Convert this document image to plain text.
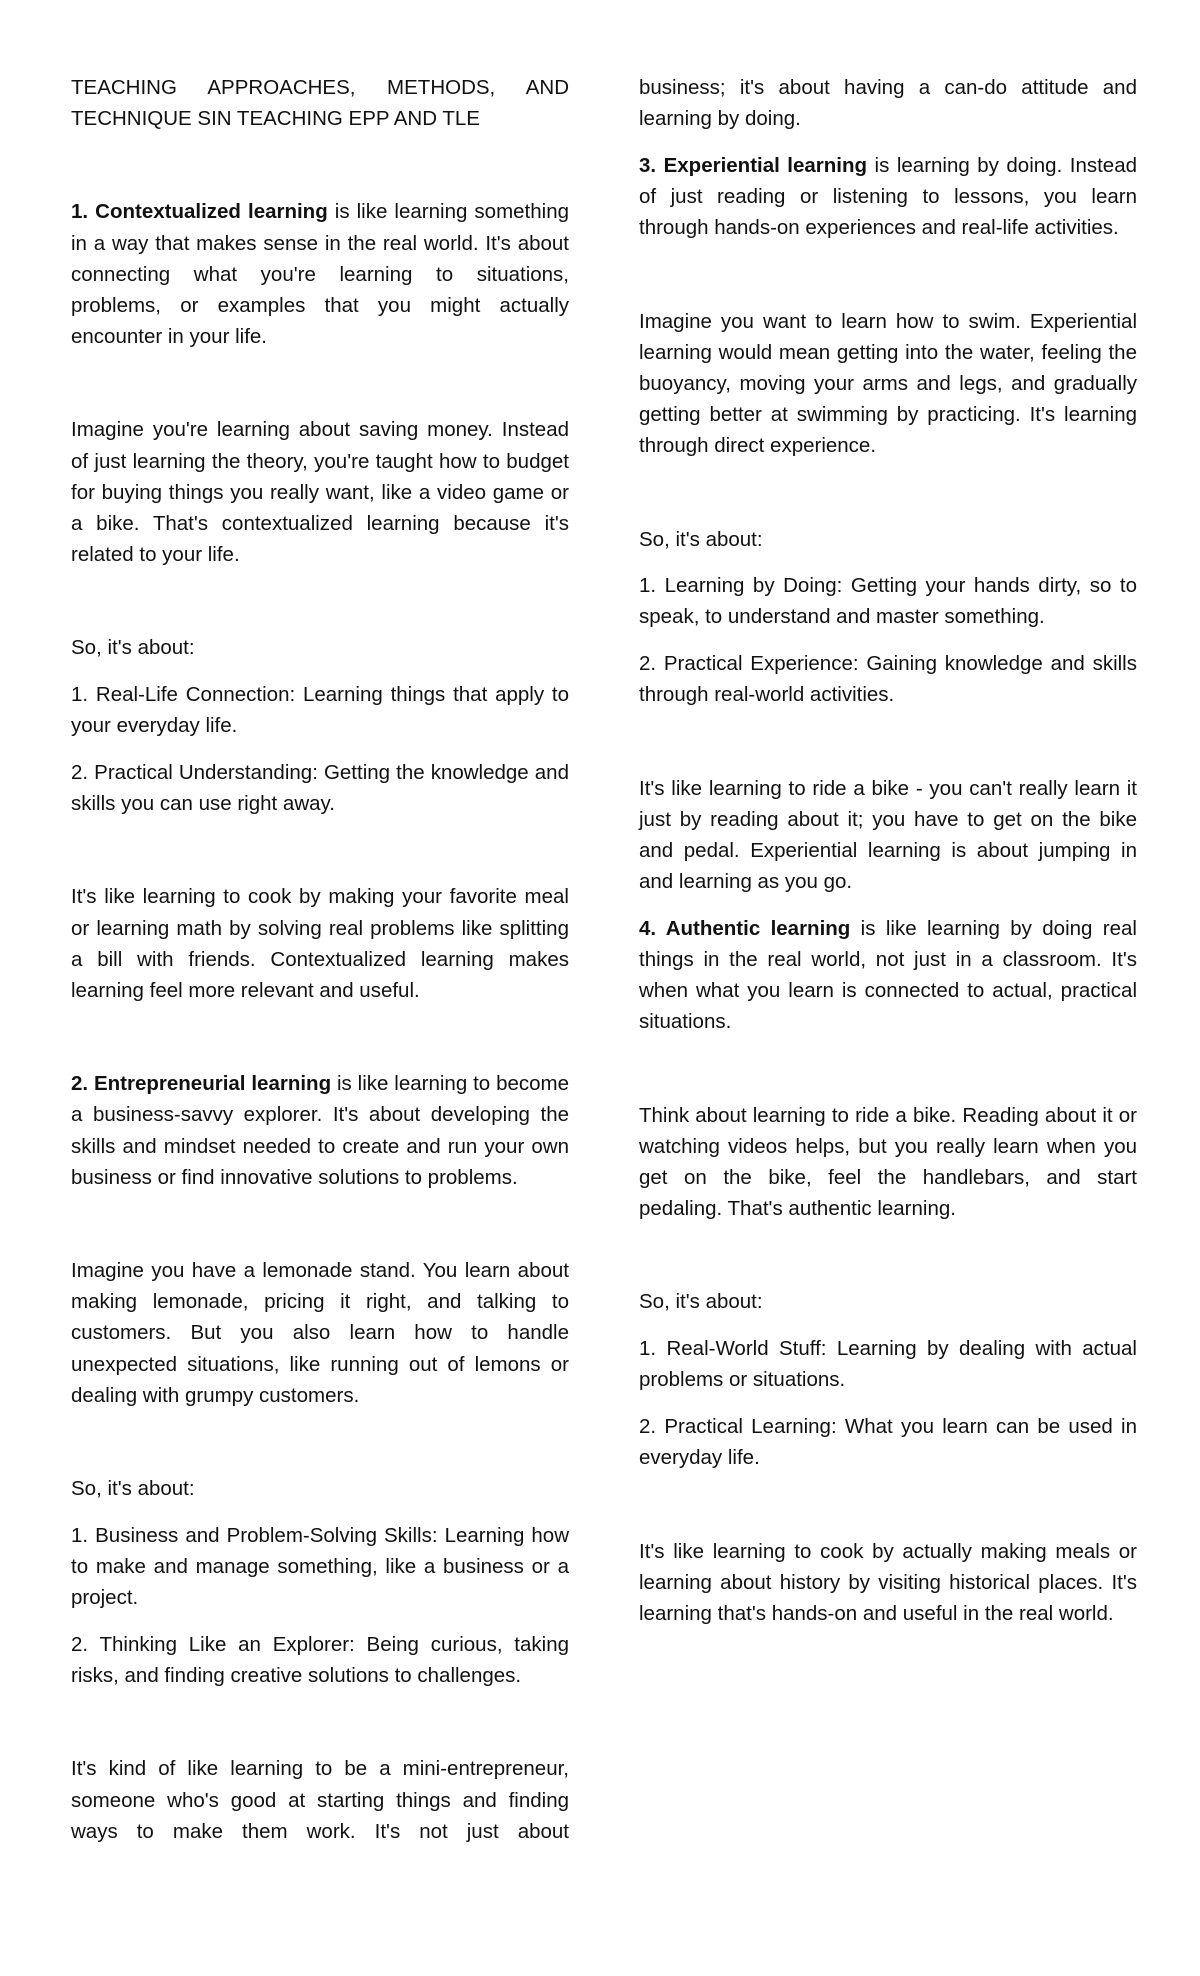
TEACHING APPROACHES, METHODS, AND TECHNIQUE SIN TEACHING EPP AND TLE

1. Contextualized learning is like learning something in a way that makes sense in the real world. It's about connecting what you're learning to situations, problems, or examples that you might actually encounter in your life.

Imagine you're learning about saving money. Instead of just learning the theory, you're taught how to budget for buying things you really want, like a video game or a bike. That's contextualized learning because it's related to your life.

So, it's about:

1. Real-Life Connection: Learning things that apply to your everyday life.

2. Practical Understanding: Getting the knowledge and skills you can use right away.

It's like learning to cook by making your favorite meal or learning math by solving real problems like splitting a bill with friends. Contextualized learning makes learning feel more relevant and useful.

2. Entrepreneurial learning is like learning to become a business-savvy explorer. It's about developing the skills and mindset needed to create and run your own business or find innovative solutions to problems.

Imagine you have a lemonade stand. You learn about making lemonade, pricing it right, and talking to customers. But you also learn how to handle unexpected situations, like running out of lemons or dealing with grumpy customers.

So, it's about:

1. Business and Problem-Solving Skills: Learning how to make and manage something, like a business or a project.

2. Thinking Like an Explorer: Being curious, taking risks, and finding creative solutions to challenges.

It's kind of like learning to be a mini-entrepreneur, someone who's good at starting things and finding ways to make them work. It's not just about

business; it's about having a can-do attitude and learning by doing.

3. Experiential learning is learning by doing. Instead of just reading or listening to lessons, you learn through hands-on experiences and real-life activities.

Imagine you want to learn how to swim. Experiential learning would mean getting into the water, feeling the buoyancy, moving your arms and legs, and gradually getting better at swimming by practicing. It's learning through direct experience.

So, it's about:

1. Learning by Doing: Getting your hands dirty, so to speak, to understand and master something.

2. Practical Experience: Gaining knowledge and skills through real-world activities.

It's like learning to ride a bike - you can't really learn it just by reading about it; you have to get on the bike and pedal. Experiential learning is about jumping in and learning as you go.

4. Authentic learning is like learning by doing real things in the real world, not just in a classroom. It's when what you learn is connected to actual, practical situations.

Think about learning to ride a bike. Reading about it or watching videos helps, but you really learn when you get on the bike, feel the handlebars, and start pedaling. That's authentic learning.

So, it's about:

1. Real-World Stuff: Learning by dealing with actual problems or situations.

2. Practical Learning: What you learn can be used in everyday life.

It's like learning to cook by actually making meals or learning about history by visiting historical places. It's learning that's hands-on and useful in the real world.
